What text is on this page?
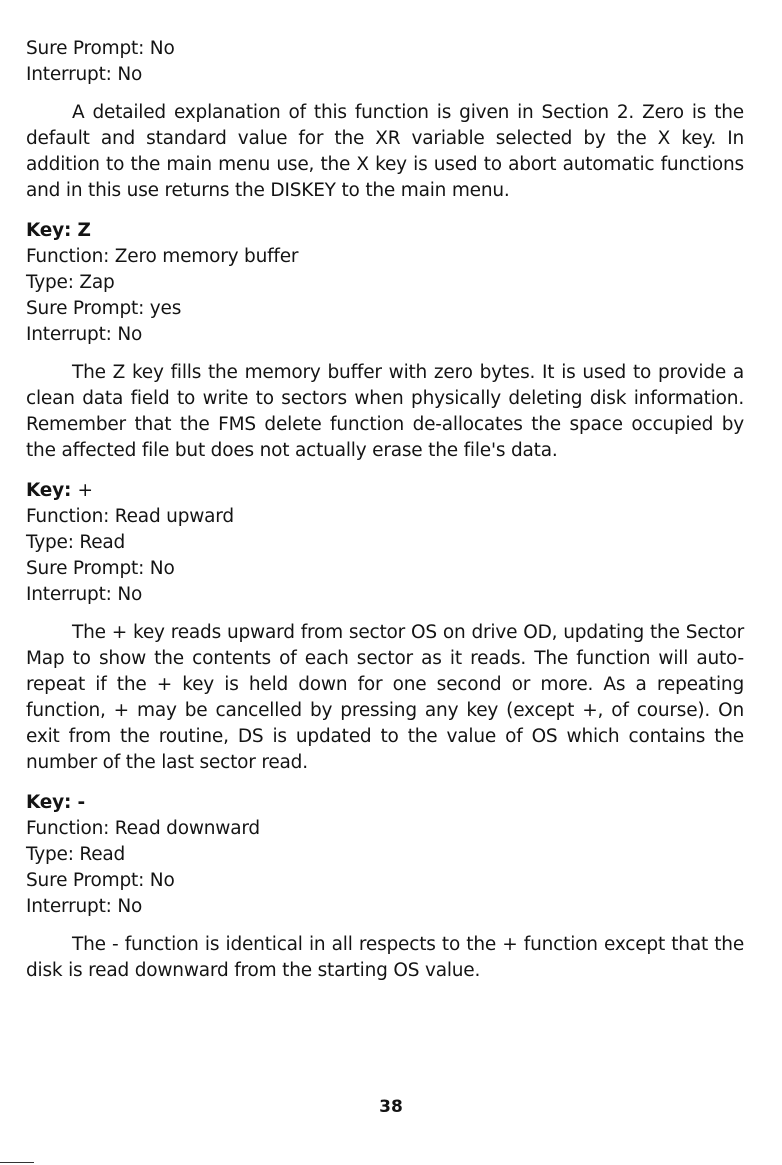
Sure Prompt: No
Interrupt: No

A detailed explanation of this function is given in Section 2. Zero is the default and standard value for the XR variable selected by the X key. In addition to the main menu use, the X key is used to abort automatic functions and in this use returns the DISKEY to the main menu.

Key: Z
Function: Zero memory buffer
Type: Zap
Sure Prompt: yes
Interrupt: No

The Z key fills the memory buffer with zero bytes. It is used to provide a clean data field to write to sectors when physically deleting disk information. Remember that the FMS delete function de-allocates the space occupied by the affected file but does not actually erase the file's data.

Key: +
Function: Read upward
Type: Read
Sure Prompt: No
Interrupt: No

The + key reads upward from sector OS on drive OD, updating the Sector Map to show the contents of each sector as it reads. The function will auto-repeat if the + key is held down for one second or more. As a repeating function, + may be cancelled by pressing any key (except +, of course). On exit from the routine, DS is updated to the value of OS which contains the number of the last sector read.

Key: -
Function: Read downward
Type: Read
Sure Prompt: No
Interrupt: No

The - function is identical in all respects to the + function except that the disk is read downward from the starting OS value.

38
